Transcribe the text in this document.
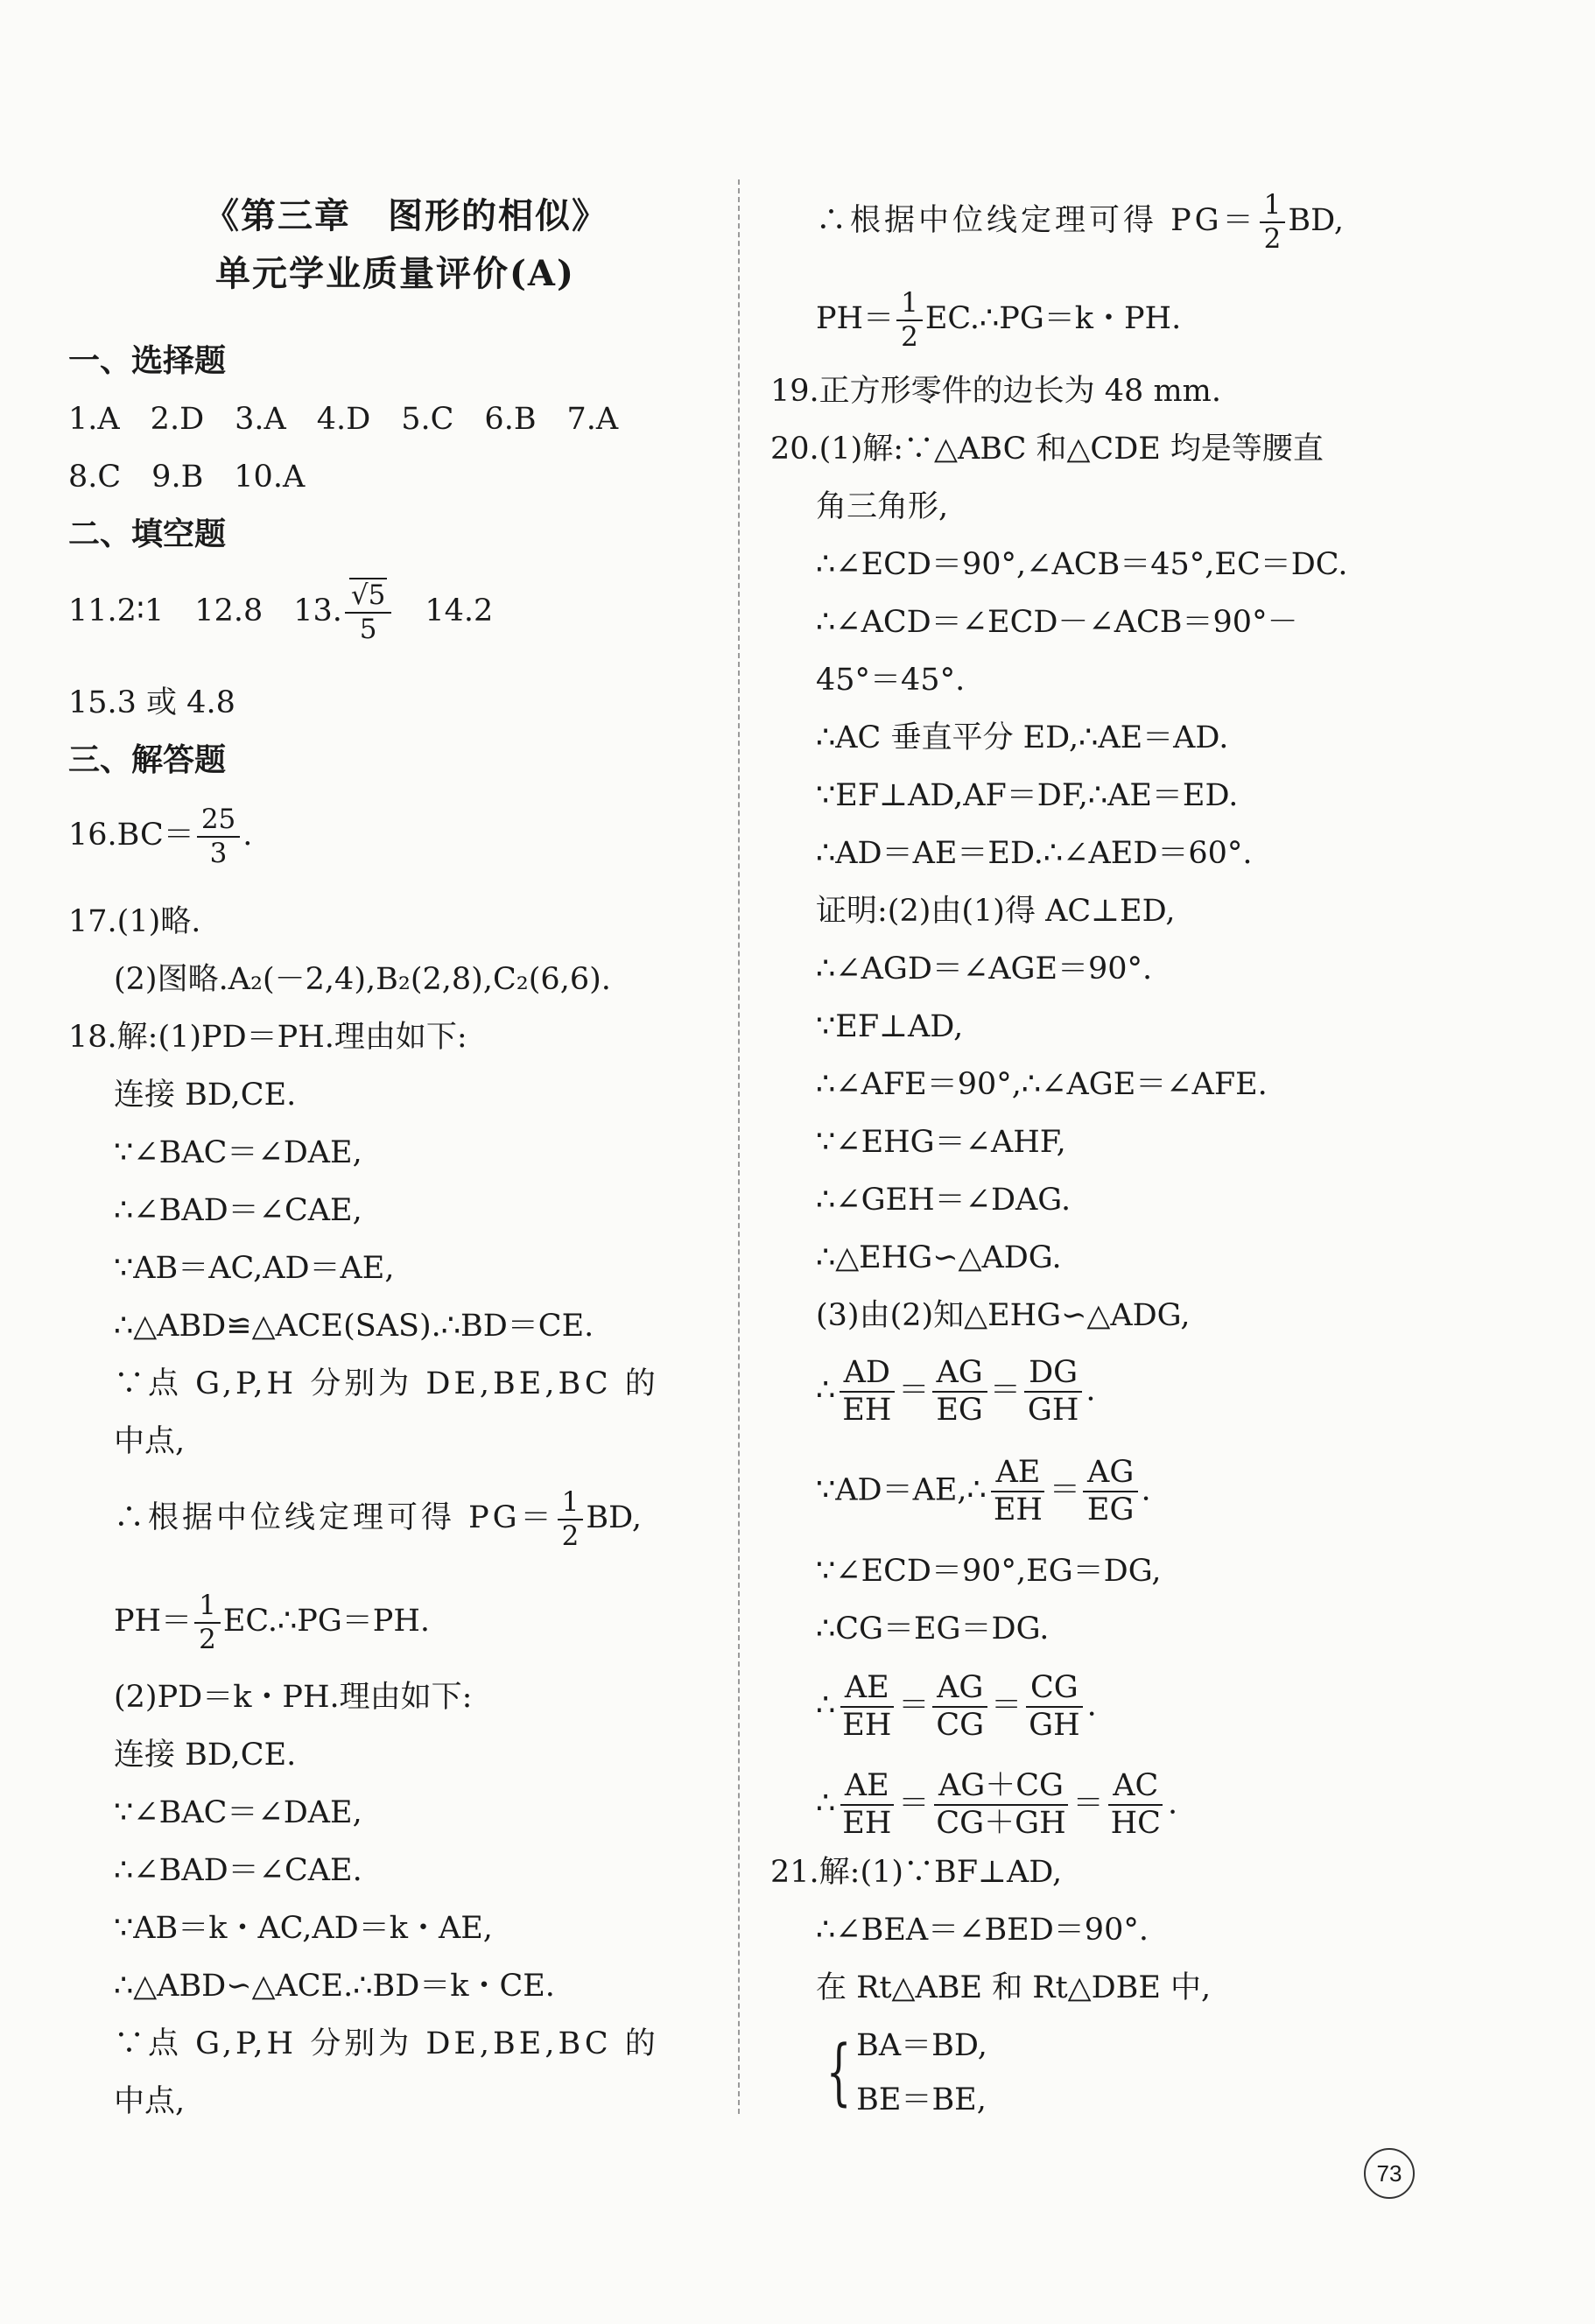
《第三章　图形的相似》
单元学业质量评价(A)
一、选择题
1.A　2.D　3.A　4.D　5.C　6.B　7.A
8.C　9.B　10.A
二、填空题
11.2∶1　12.8　13. $\frac{√5}{5}$ 　14.2
15.3 或 4.8
三、解答题
$16.BC= \frac{25}{3}$ .
17.(1)略.
(2)图略.A₂(－2,4),B₂(2,8),C₂(6,6).
18.解:(1)PD＝PH.理由如下:
连接 BD,CE.
∵∠BAC＝∠DAE,
∴∠BAD＝∠CAE,
∵AB＝AC,AD＝AE,
∴△ABD≌△ACE(SAS).∴BD＝CE.
∵点 G,P,H 分别为 DE,BE,BC 的
中点,
∴根据中位线定理可得 $PG= \frac{1}{2}$ BD,
$PH= \frac{1}{2}$ EC.∴PG＝PH.
(2)PD＝k・PH.理由如下:
连接 BD,CE.
∵∠BAC＝∠DAE,
∴∠BAD＝∠CAE.
∵AB＝k・AC,AD＝k・AE,
∴△ABD∽△ACE.∴BD＝k・CE.
∵点 G,P,H 分别为 DE,BE,BC 的
中点,
∴根据中位线定理可得 $PG= \frac{1}{2}$ BD,
$PH= \frac{1}{2}$ EC.∴PG＝k・PH.
19.正方形零件的边长为 48 mm.
20.(1)解:∵△ABC 和△CDE 均是等腰直
角三角形,
∴∠ECD＝90°,∠ACB＝45°,EC＝DC.
∴∠ACD＝∠ECD－∠ACB＝90°－
45°＝45°.
∴AC 垂直平分 ED,∴AE＝AD.
∵EF⊥AD,AF＝DF,∴AE＝ED.
∴AD＝AE＝ED.∴∠AED＝60°.
证明:(2)由(1)得 AC⊥ED,
∴∠AGD＝∠AGE＝90°.
∵EF⊥AD,
∴∠AFE＝90°,∴∠AGE＝∠AFE.
∵∠EHG＝∠AHF,
∴∠GEH＝∠DAG.
∴△EHG∽△ADG.
(3)由(2)知△EHG∽△ADG,
∴ $\frac{AD}{EH} = \frac{AG}{EG} = \frac{DG}{GH}$ .
∵AD＝AE,∴ $\frac{AE}{EH} = \frac{AG}{EG}$ .
∵∠ECD＝90°,EG＝DG,
∴CG＝EG＝DG.
∴ $\frac{AE}{EH} = \frac{AG}{CG} = \frac{CG}{GH}$ .
∴ $\frac{AE}{EH} = \frac{AG+CG}{CG+GH} = \frac{AC}{HC}$ .
21.解:(1)∵BF⊥AD,
∴∠BEA＝∠BED＝90°.
在 Rt△ABE 和 Rt△DBE 中,
{ BA＝BD,
BE＝BE,
73
